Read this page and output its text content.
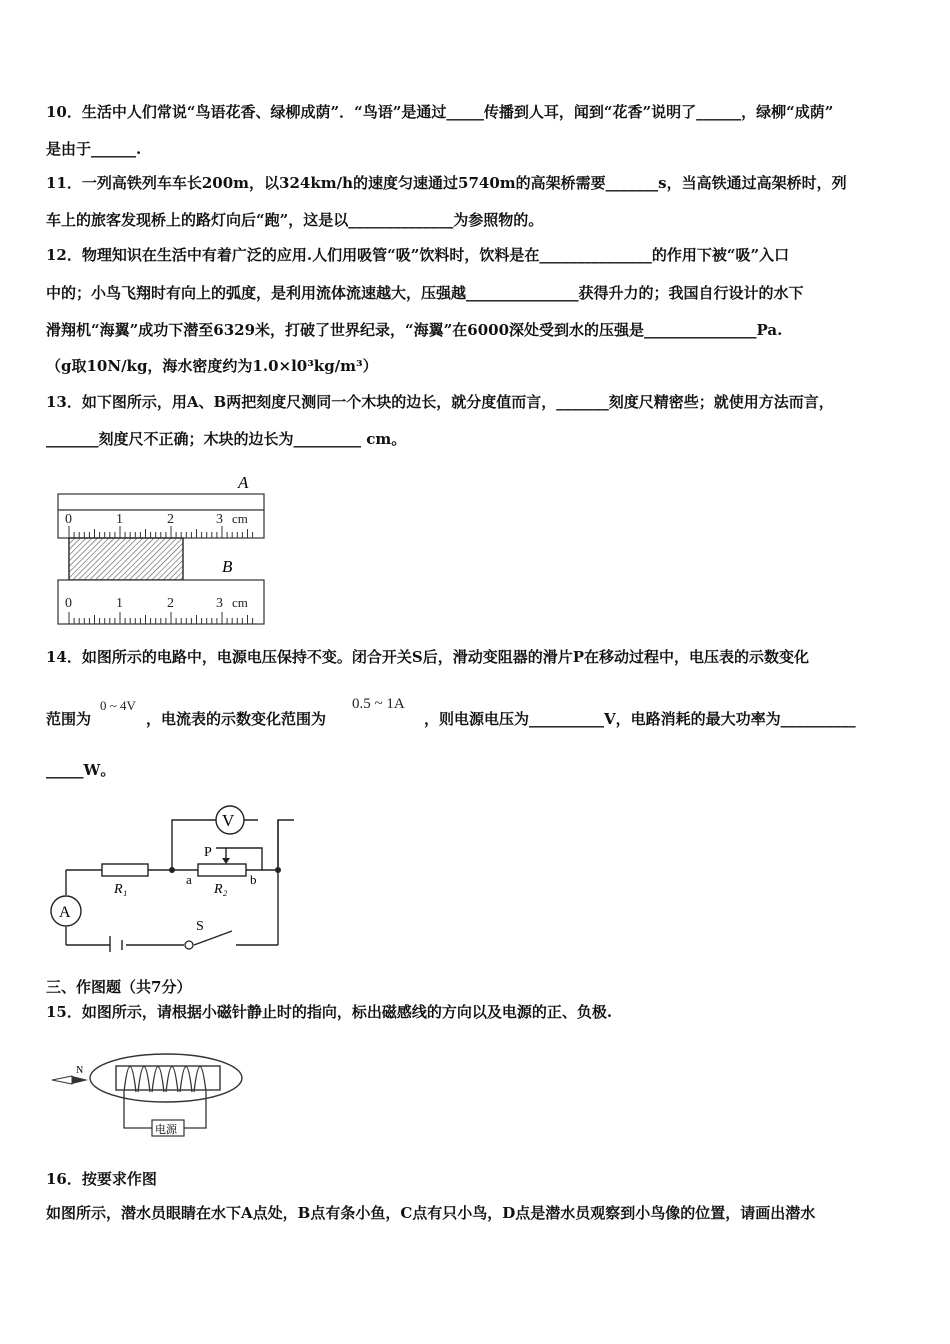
10．生活中人们常说“鸟语花香、绿柳成荫”．“鸟语”是通过_____传播到人耳，闻到“花香”说明了______，绿柳“成荫”
是由于______.
11．一列高铁列车车长200m，以324km/h的速度匀速通过5740m的高架桥需要_______s，当高铁通过高架桥时，列
车上的旅客发现桥上的路灯向后“跑”，这是以______________为参照物的。
12．物理知识在生活中有着广泛的应用.人们用吸管“吸”饮料时，饮料是在_______________的作用下被“吸”入口
中的；小鸟飞翔时有向上的弧度，是利用流体流速越大，压强越_______________获得升力的；我国自行设计的水下
滑翔机“海翼”成功下潜至6329米，打破了世界纪录，“海翼”在6000深处受到水的压强是_______________Pa.
（g取10N/kg，海水密度约为1.0×l0³kg/m³）
13．如下图所示，用A、B两把刻度尺测同一个木块的边长，就分度值而言，_______刻度尺精密些；就使用方法而言，
_______刻度尺不正确；木块的边长为_________ cm。
A
0	1	2	3 cm
B
0	1	2	3 cm
14．如图所示的电路中，电源电压保持不变。闭合开关S后，滑动变阻器的滑片P在移动过程中，电压表的示数变化
范围为
0 ~ 4V
，电流表的示数变化范围为
0.5 ~ 1A
，则电源电压为__________V，电路消耗的最大功率为__________
_____W。
V
A
R₁
P
R₂
a	b
S
三、作图题（共7分）
15．如图所示，请根据小磁针静止时的指向，标出磁感线的方向以及电源的正、负极.
电源
N
16．按要求作图
如图所示，潜水员眼睛在水下A点处，B点有条小鱼，C点有只小鸟，D点是潜水员观察到小鸟像的位置，请画出潜水
